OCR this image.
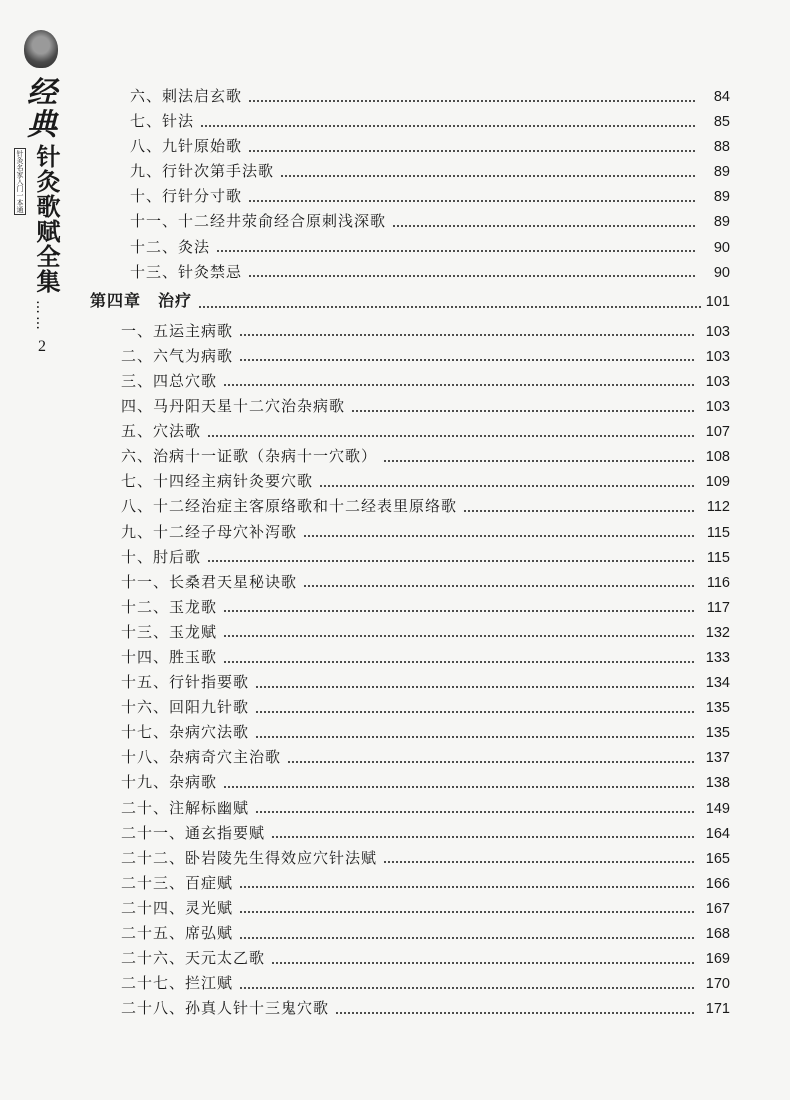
经典
针灸歌赋全集
针灸名家入门一本通
……
2
六、刺法启玄歌	84
七、针法	85
八、九针原始歌	88
九、行针次第手法歌	89
十、行针分寸歌	89
十一、十二经井荥俞经合原刺浅深歌	89
十二、灸法	90
十三、针灸禁忌	90
第四章　治疗	101
一、五运主病歌	103
二、六气为病歌	103
三、四总穴歌	103
四、马丹阳天星十二穴治杂病歌	103
五、穴法歌	107
六、治病十一证歌（杂病十一穴歌）	108
七、十四经主病针灸要穴歌	109
八、十二经治症主客原络歌和十二经表里原络歌	112
九、十二经子母穴补泻歌	115
十、肘后歌	115
十一、长桑君天星秘诀歌	116
十二、玉龙歌	117
十三、玉龙赋	132
十四、胜玉歌	133
十五、行针指要歌	134
十六、回阳九针歌	135
十七、杂病穴法歌	135
十八、杂病奇穴主治歌	137
十九、杂病歌	138
二十、注解标幽赋	149
二十一、通玄指要赋	164
二十二、卧岩陵先生得效应穴针法赋	165
二十三、百症赋	166
二十四、灵光赋	167
二十五、席弘赋	168
二十六、天元太乙歌	169
二十七、拦江赋	170
二十八、孙真人针十三鬼穴歌	171
